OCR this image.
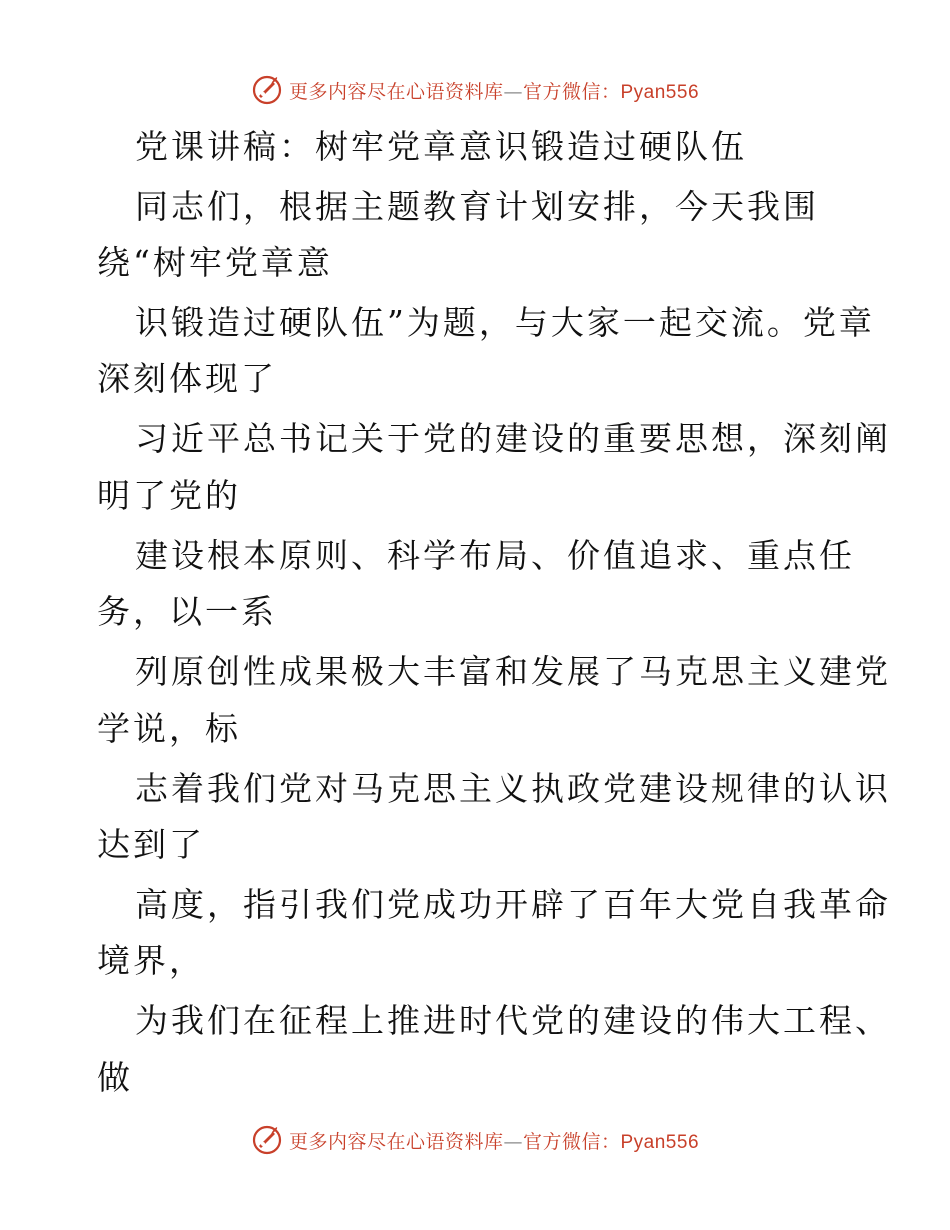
更多内容尽在心语资料库—官方微信：Pyan556
党课讲稿：树牢党章意识锻造过硬队伍
同志们，根据主题教育计划安排，今天我围
绕“树牢党章意
识锻造过硬队伍”为题，与大家一起交流。党章
深刻体现了
习近平总书记关于党的建设的重要思想，深刻阐
明了党的
建设根本原则、科学布局、价值追求、重点任
务，以一系
列原创性成果极大丰富和发展了马克思主义建党
学说，标
志着我们党对马克思主义执政党建设规律的认识
达到了
高度，指引我们党成功开辟了百年大党自我革命
境界，
为我们在征程上推进时代党的建设的伟大工程、
做
更多内容尽在心语资料库—官方微信：Pyan556
